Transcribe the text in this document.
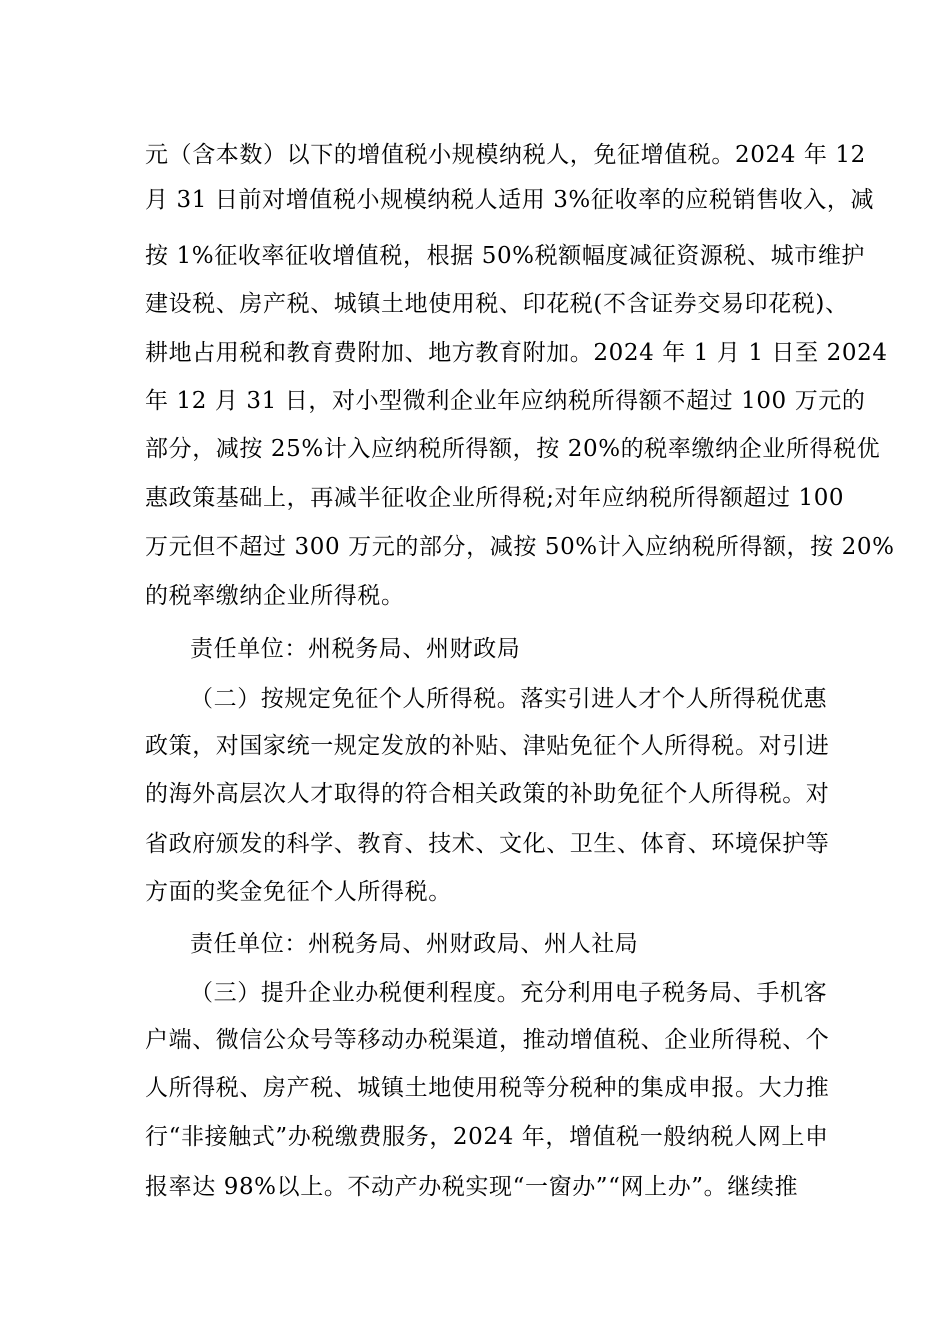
元（含本数）以下的增值税小规模纳税人，免征增值税。2024 年 12
月 31 日前对增值税小规模纳税人适用 3%征收率的应税销售收入，减
按 1%征收率征收增值税，根据 50%税额幅度减征资源税、城市维护
建设税、房产税、城镇土地使用税、印花税(不含证券交易印花税)、
耕地占用税和教育费附加、地方教育附加。2024 年 1 月 1 日至 2024
年 12 月 31 日，对小型微利企业年应纳税所得额不超过 100 万元的
部分，减按 25%计入应纳税所得额，按 20%的税率缴纳企业所得税优
惠政策基础上，再减半征收企业所得税;对年应纳税所得额超过 100
万元但不超过 300 万元的部分，减按 50%计入应纳税所得额，按 20%
的税率缴纳企业所得税。
责任单位：州税务局、州财政局
（二）按规定免征个人所得税。落实引进人才个人所得税优惠
政策，对国家统一规定发放的补贴、津贴免征个人所得税。对引进
的海外高层次人才取得的符合相关政策的补助免征个人所得税。对
省政府颁发的科学、教育、技术、文化、卫生、体育、环境保护等
方面的奖金免征个人所得税。
责任单位：州税务局、州财政局、州人社局
（三）提升企业办税便利程度。充分利用电子税务局、手机客
户端、微信公众号等移动办税渠道，推动增值税、企业所得税、个
人所得税、房产税、城镇土地使用税等分税种的集成申报。大力推
行“非接触式”办税缴费服务，2024 年，增值税一般纳税人网上申
报率达 98%以上。不动产办税实现“一窗办”“网上办”。继续推
